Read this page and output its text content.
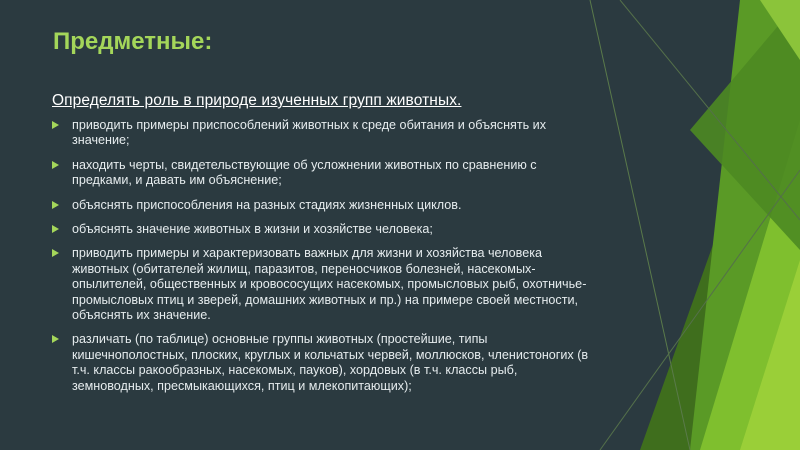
Предметные:

Определять роль в природе изученных групп животных.

приводить примеры приспособлений животных к среде обитания и объяснять их значение;
находить черты, свидетельствующие об усложнении животных по сравнению с предками, и давать им объяснение;
объяснять приспособления на разных стадиях жизненных циклов.
объяснять значение животных в жизни и хозяйстве человека;
приводить примеры и характеризовать важных для жизни и хозяйства человека животных (обитателей жилищ, паразитов, переносчиков болезней, насекомых-опылителей, общественных и кровососущих насекомых, промысловых рыб, охотничье-промысловых птиц и зверей, домашних животных и пр.) на примере своей местности, объяснять их значение.
различать (по таблице) основные группы животных (простейшие, типы кишечнополостных, плоских, круглых и кольчатых червей, моллюсков, членистоногих (в т.ч. классы ракообразных, насекомых, пауков), хордовых (в т.ч. классы рыб, земноводных, пресмыкающихся, птиц и млекопитающих);
